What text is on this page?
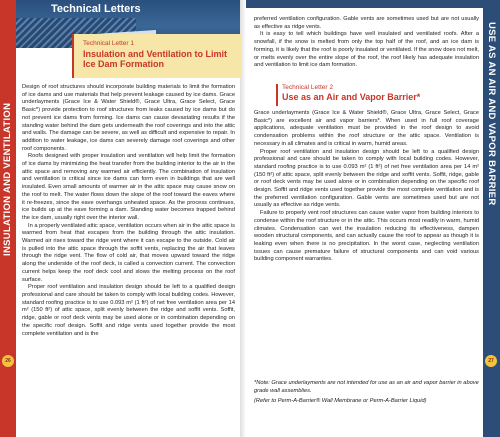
INSULATION AND VENTILATION
26
Technical Letters
Technical Letter 1
Insulation and Ventilation to Limit Ice Dam Formation

Design of roof structures should incorporate building materials to limit the formation of ice dams and use materials that help prevent leakage caused by ice dams. Grace underlayments (Grace Ice & Water Shield®, Grace Ultra, Grace Select, Grace Basic*) provide protection to roof structures from leaks caused by ice dams but do not prevent ice dams from forming. Ice dams can cause devastating results if the standing water behind the dam gets underneath the roof coverings and into the attic and walls. The damage can be severe, as well as difficult and expensive to repair. In addition to water leakage, ice dams can severely damage roof coverings and other roof components.

Roofs designed with proper insulation and ventilation will help limit the formation of ice dams by minimizing the heat transfer from the building interior to the air in the attic space and removing any warmed air efficiently. The combination of insulation and ventilation is critical since ice dams can form even in buildings that are well insulated. Even small amounts of warmer air in the attic space may cause snow on the roof to melt. The water flows down the slope of the roof toward the eaves where it re-freezes, since the eave overhangs unheated space. As the process continues, ice builds up at the eave forming a dam. Standing water becomes trapped behind the ice dam, usually right over the interior wall.

In a properly ventilated attic space, ventilation occurs when air in the attic space is warmed from heat that escapes from the building through the attic insulation. Warmed air rises toward the ridge vent where it can escape to the outside. Cold air is pulled into the attic space through the soffit vents, replacing the air that leaves through the ridge vent. The flow of cold air, that moves upward toward the ridge along the underside of the roof deck, is called a convection current. The convection current helps keep the roof deck cool and slows the melting process on the roof surface.

Proper roof ventilation and insulation design should be left to a qualified design professional and care should be taken to comply with local building codes. However, standard roofing practice is to use 0.093 m² (1 ft²) of net free ventilation area per 14 m² (150 ft²) of attic space, split evenly between the ridge and soffit vents. Soffit, ridge, gable or roof deck vents may be used alone or in combination depending on the specific roof design. Soffit and ridge vents used together provide the most complete ventilation and is the

preferred ventilation configuration. Gable vents are sometimes used but are not usually as effective as ridge vents.

It is easy to tell which buildings have well insulated and ventilated roofs. After a snowfall, if the snow is melted from only the top half of the roof, and an ice dam is forming, it is likely that the roof is poorly insulated or ventilated. If the snow does not melt, or melts evenly over the entire slope of the roof, the roof likely has adequate insulation and ventilation to limit ice dam formation.

Technical Letter 2
Use as an Air and Vapor Barrier*

Grace underlayments (Grace Ice & Water Shield®, Grace Ultra, Grace Select, Grace Basic*) are excellent air and vapor barriers*. When used in full roof coverage applications, adequate ventilation must be provided in the roof design to avoid condensation problems within the roof structure or the attic space. Ventilation is necessary in all climates and is critical in warm, humid areas.

Proper roof ventilation and insulation design should be left to a qualified design professional and care should be taken to comply with local building codes. However, standard roofing practice is to use 0.093 m² (1 ft²) of net free ventilation area per 14 m² (150 ft²) of attic space, split evenly between the ridge and soffit vents. Soffit, ridge, gable or roof deck vents may be used alone or in combination depending on the specific roof design. Soffit and ridge vents used together provide the most complete ventilation and is the preferred ventilation configuration. Gable vents are sometimes used but are not usually as effective as ridge vents.

Failure to properly vent roof structures can cause water vapor from building interiors to condense within the roof structure or in the attic. This occurs most readily in warm, humid climates. Condensation can wet the insulation reducing its effectiveness, dampen wooden structural components, and can actually cause the roof to appear as though it is leaking even when there is no precipitation. In the worst case, neglecting ventilation issues can cause premature failure of structural components and can void various building component warranties.

*Note: Grace underlayments are not intended for use as an air and vapor barrier in above grade wall assemblies.

(Refer to Perm-A-Barrier® Wall Membrane or Perm-A-Barrier Liquid)

USE AS AN AIR AND VAPOR BARRIER
27
